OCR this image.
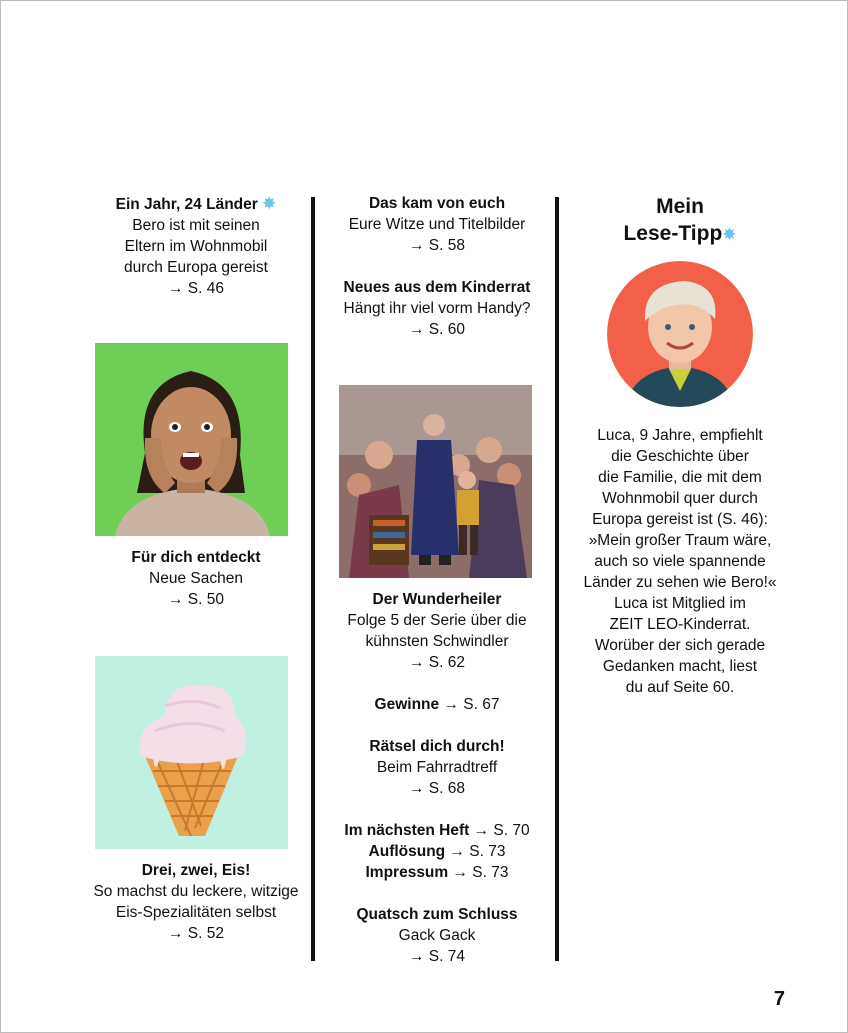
Ein Jahr, 24 Länder ✸
Bero ist mit seinen
Eltern im Wohnmobil
durch Europa gereist
→ S. 46
Für dich entdeckt
Neue Sachen
→ S. 50
Drei, zwei, Eis!
So machst du leckere, witzige
Eis-Spezialitäten selbst
→ S. 52
Das kam von euch
Eure Witze und Titelbilder
→ S. 58
Neues aus dem Kinderrat
Hängt ihr viel vorm Handy?
→ S. 60
Der Wunderheiler
Folge 5 der Serie über die
kühnsten Schwindler
→ S. 62
Gewinne → S. 67
Rätsel dich durch!
Beim Fahrradtreff
→ S. 68
Im nächsten Heft → S. 70
Auflösung → S. 73
Impressum → S. 73
Quatsch zum Schluss
Gack Gack
→ S. 74
Mein
Lese-Tipp✸
Luca, 9 Jahre, empfiehlt
die Geschichte über
die Familie, die mit dem
Wohnmobil quer durch
Europa gereist ist (S. 46):
»Mein großer Traum wäre,
auch so viele spannende
Länder zu sehen wie Bero!«
Luca ist Mitglied im
ZEIT LEO-Kinderrat.
Worüber der sich gerade
Gedanken macht, liest
du auf Seite 60.
7
